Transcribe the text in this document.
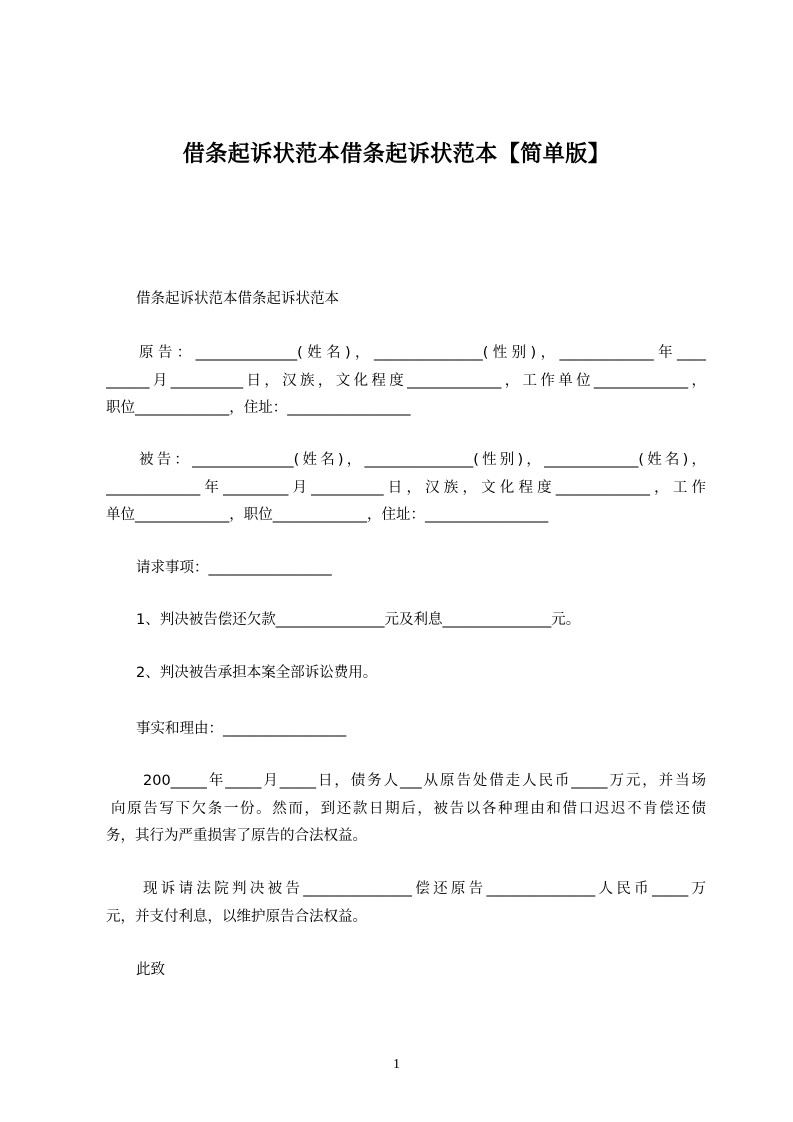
借条起诉状范本借条起诉状范本【简单版】
借条起诉状范本借条起诉状范本
原告：______________(姓名)，_______________(性别)，_____________年____
______月__________日，汉族，文化程度_____________，工作单位_____________，
职位_____________，住址：_________________
被告：______________(姓名)，_______________(性别)，_____________(姓名)，
_____________年_________月__________日，汉族，文化程度_____________，工作
单位_____________，职位_____________，住址：_________________
请求事项：_________________
1、判决被告偿还欠款_______________元及利息_______________元。
2、判决被告承担本案全部诉讼费用。
事实和理由：_________________
200_____年_____月_____日，债务人___从原告处借走人民币_____万元，并当场
向原告写下欠条一份。然而，到还款日期后，被告以各种理由和借口迟迟不肯偿还债
务，其行为严重损害了原告的合法权益。
现诉请法院判决被告_______________偿还原告_______________人民币_____万
元，并支付利息，以维护原告合法权益。
此致
1
